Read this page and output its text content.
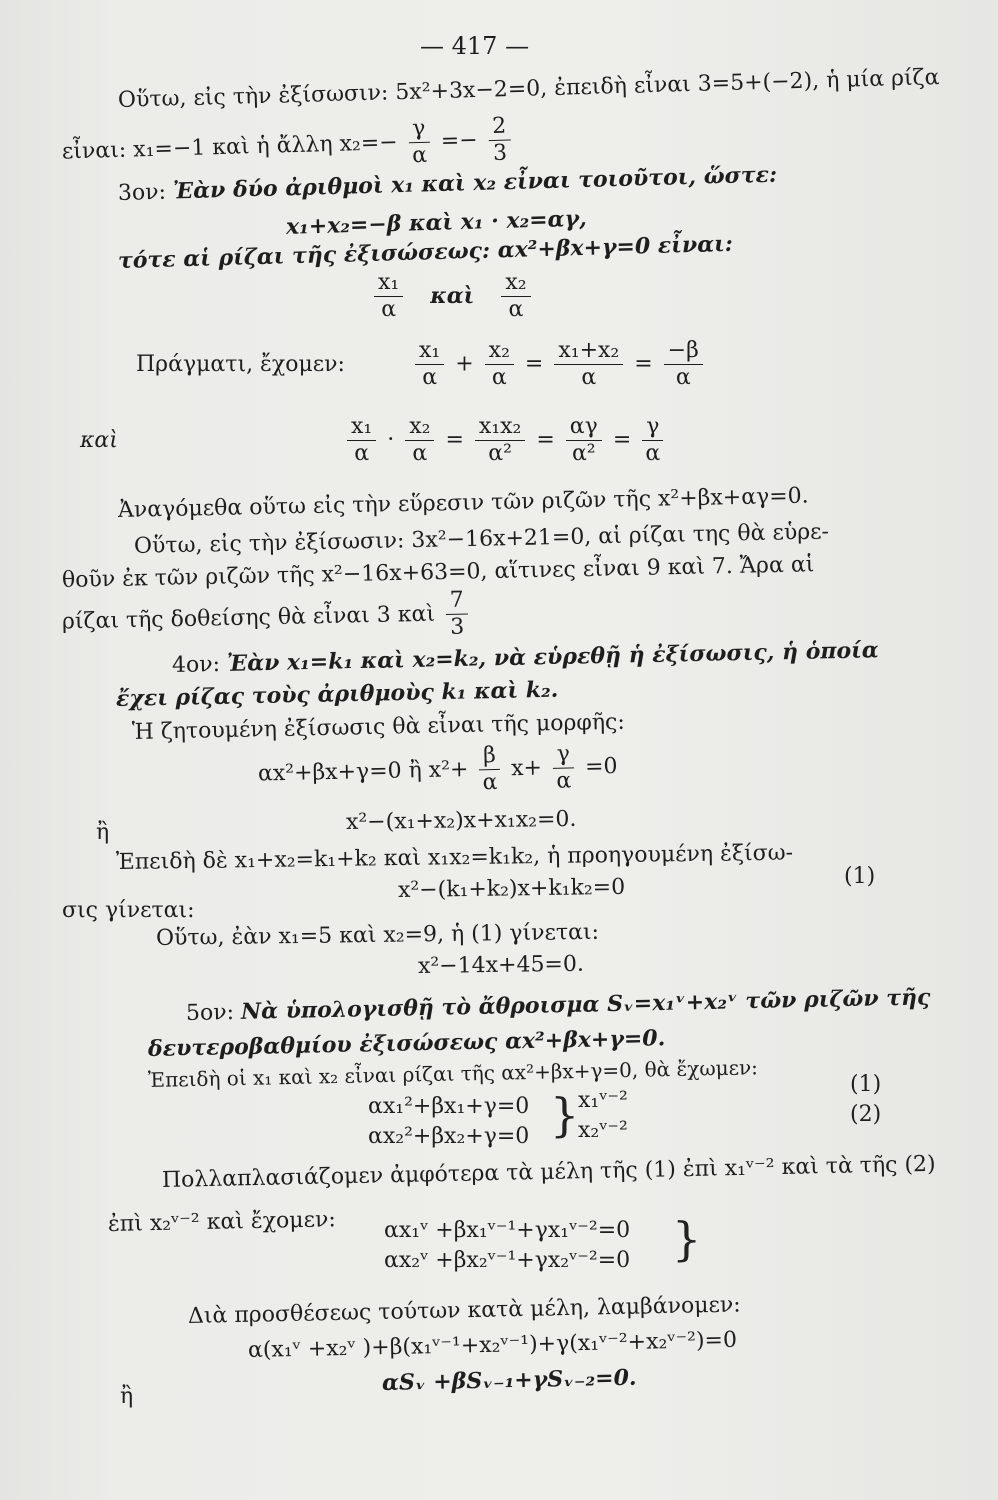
— 417 —
Οὕτω, εἰς τὴν ἐξίσωσιν: 5x²+3x−2=0, ἐπειδὴ εἶναι 3=5+(−2), ἡ μία ρίζα
εἶναι: x₁=−1 καὶ ἡ ἄλλη $x_2=- \frac{\gamma}{\alpha} =- \frac{2}{3}$
3ον: Ἐὰν δύο ἀριθμοὶ x₁ καὶ x₂ εἶναι τοιοῦτοι, ὥστε:
x₁+x₂=−β καὶ x₁ · x₂=αγ,
τότε αἱ ρίζαι τῆς ἐξισώσεως: αx²+βx+γ=0 εἶναι:
$\frac{\text{x₁}}{\alpha}$ καὶ $\frac{\text{x₂}}{\alpha}$
Πράγματι, ἔχομεν:	$\frac{\text{x₁}}{\alpha} + \frac{\text{x₂}}{\alpha} = \frac{\text{x₁+x₂}}{\alpha} = \frac{-\beta}{\alpha}$
καὶ	$\frac{\text{x₁}}{\alpha} \cdot \frac{\text{x₂}}{\alpha} = \frac{\text{x₁x₂}}{\text{α²}} = \frac{\alpha\gamma}{\text{α²}} = \frac{\gamma}{\alpha}$
Ἀναγόμεθα οὕτω εἰς τὴν εὕρεσιν τῶν ριζῶν τῆς x²+βx+αγ=0.
Οὕτω, εἰς τὴν ἐξίσωσιν: 3x²−16x+21=0, αἱ ρίζαι της θὰ εὑρε-
θοῦν ἐκ τῶν ριζῶν τῆς x²−16x+63=0, αἵτινες εἶναι 9 καὶ 7. Ἄρα αἱ
ρίζαι τῆς δοθείσης θὰ εἶναι 3 καὶ $\frac{7}{3}$
4ον: Ἐὰν x₁=k₁ καὶ x₂=k₂, νὰ εὑρεθῇ ἡ ἐξίσωσις, ἡ ὁποία
ἔχει ρίζας τοὺς ἀριθμοὺς k₁ καὶ k₂.
Ἡ ζητουμένη ἐξίσωσις θὰ εἶναι τῆς μορφῆς:
αx²+βx+γ=0 ἢ $x^2+ \frac{\beta}{\alpha} x+ \frac{\gamma}{\alpha} =0$
ἢ	x²−(x₁+x₂)x+x₁x₂=0.
Ἐπειδὴ δὲ x₁+x₂=k₁+k₂ καὶ x₁x₂=k₁k₂, ἡ προηγουμένη ἐξίσω-
σις γίνεται:
x²−(k₁+k₂)x+k₁k₂=0	(1)
Οὕτω, ἐὰν x₁=5 καὶ x₂=9, ἡ (1) γίνεται:
x²−14x+45=0.
5ον: Νὰ ὑπολογισθῇ τὸ ἄθροισμα Sᵥ=x₁ᵛ+x₂ᵛ τῶν ριζῶν τῆς
δευτεροβαθμίου ἐξισώσεως αx²+βx+γ=0.
Ἐπειδὴ οἱ x₁ καὶ x₂ εἶναι ρίζαι τῆς αx²+βx+γ=0, θὰ ἔχωμεν:
αx₁²+βx₁+γ=0 x₁ᵛ⁻²
(1)
αx₂²+βx₂+γ=0 x₂ᵛ⁻²
(2)
}
Πολλαπλασιάζομεν ἀμφότερα τὰ μέλη τῆς (1) ἐπὶ x₁ᵛ⁻² καὶ τὰ τῆς (2)
ἐπὶ x₂ᵛ⁻² καὶ ἔχομεν: αx₁ᵛ +βx₁ᵛ⁻¹+γx₁ᵛ⁻²=0
αx₂ᵛ +βx₂ᵛ⁻¹+γx₂ᵛ⁻²=0 }
Διὰ προσθέσεως τούτων κατὰ μέλη, λαμβάνομεν:
α(x₁ᵛ +x₂ᵛ )+β(x₁ᵛ⁻¹+x₂ᵛ⁻¹)+γ(x₁ᵛ⁻²+x₂ᵛ⁻²)=0
ἢ
αSᵥ +βSᵥ₋₁+γSᵥ₋₂=0.
